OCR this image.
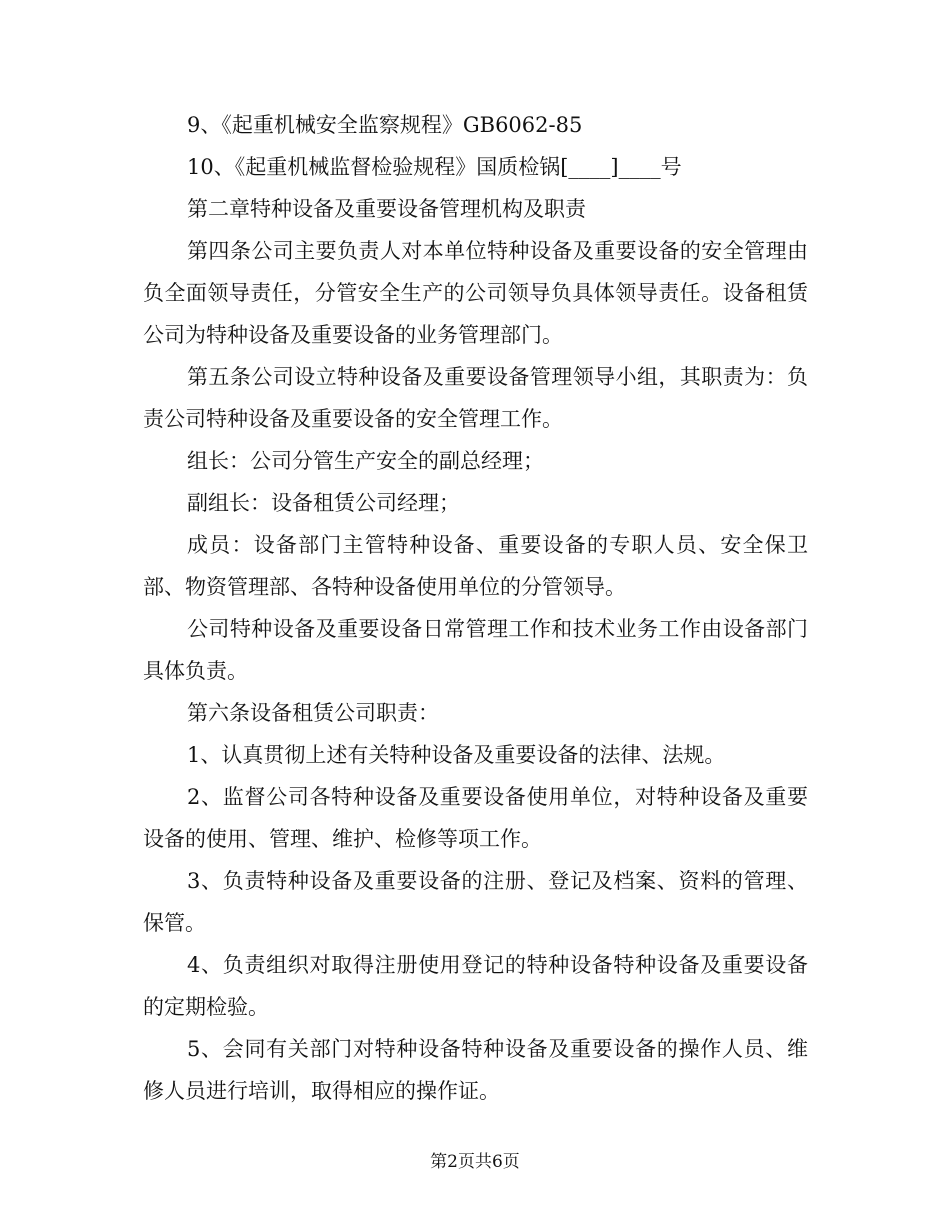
9、《起重机械安全监察规程》GB6062-85

10、《起重机械监督检验规程》国质检锅[____]____号

第二章特种设备及重要设备管理机构及职责

第四条公司主要负责人对本单位特种设备及重要设备的安全管理由负全面领导责任，分管安全生产的公司领导负具体领导责任。设备租赁公司为特种设备及重要设备的业务管理部门。

第五条公司设立特种设备及重要设备管理领导小组，其职责为：负责公司特种设备及重要设备的安全管理工作。

组长：公司分管生产安全的副总经理；

副组长：设备租赁公司经理；

成员：设备部门主管特种设备、重要设备的专职人员、安全保卫部、物资管理部、各特种设备使用单位的分管领导。

公司特种设备及重要设备日常管理工作和技术业务工作由设备部门具体负责。

第六条设备租赁公司职责：

1、认真贯彻上述有关特种设备及重要设备的法律、法规。

2、监督公司各特种设备及重要设备使用单位，对特种设备及重要设备的使用、管理、维护、检修等项工作。

3、负责特种设备及重要设备的注册、登记及档案、资料的管理、保管。

4、负责组织对取得注册使用登记的特种设备特种设备及重要设备的定期检验。

5、会同有关部门对特种设备特种设备及重要设备的操作人员、维修人员进行培训，取得相应的操作证。

第2页共6页
